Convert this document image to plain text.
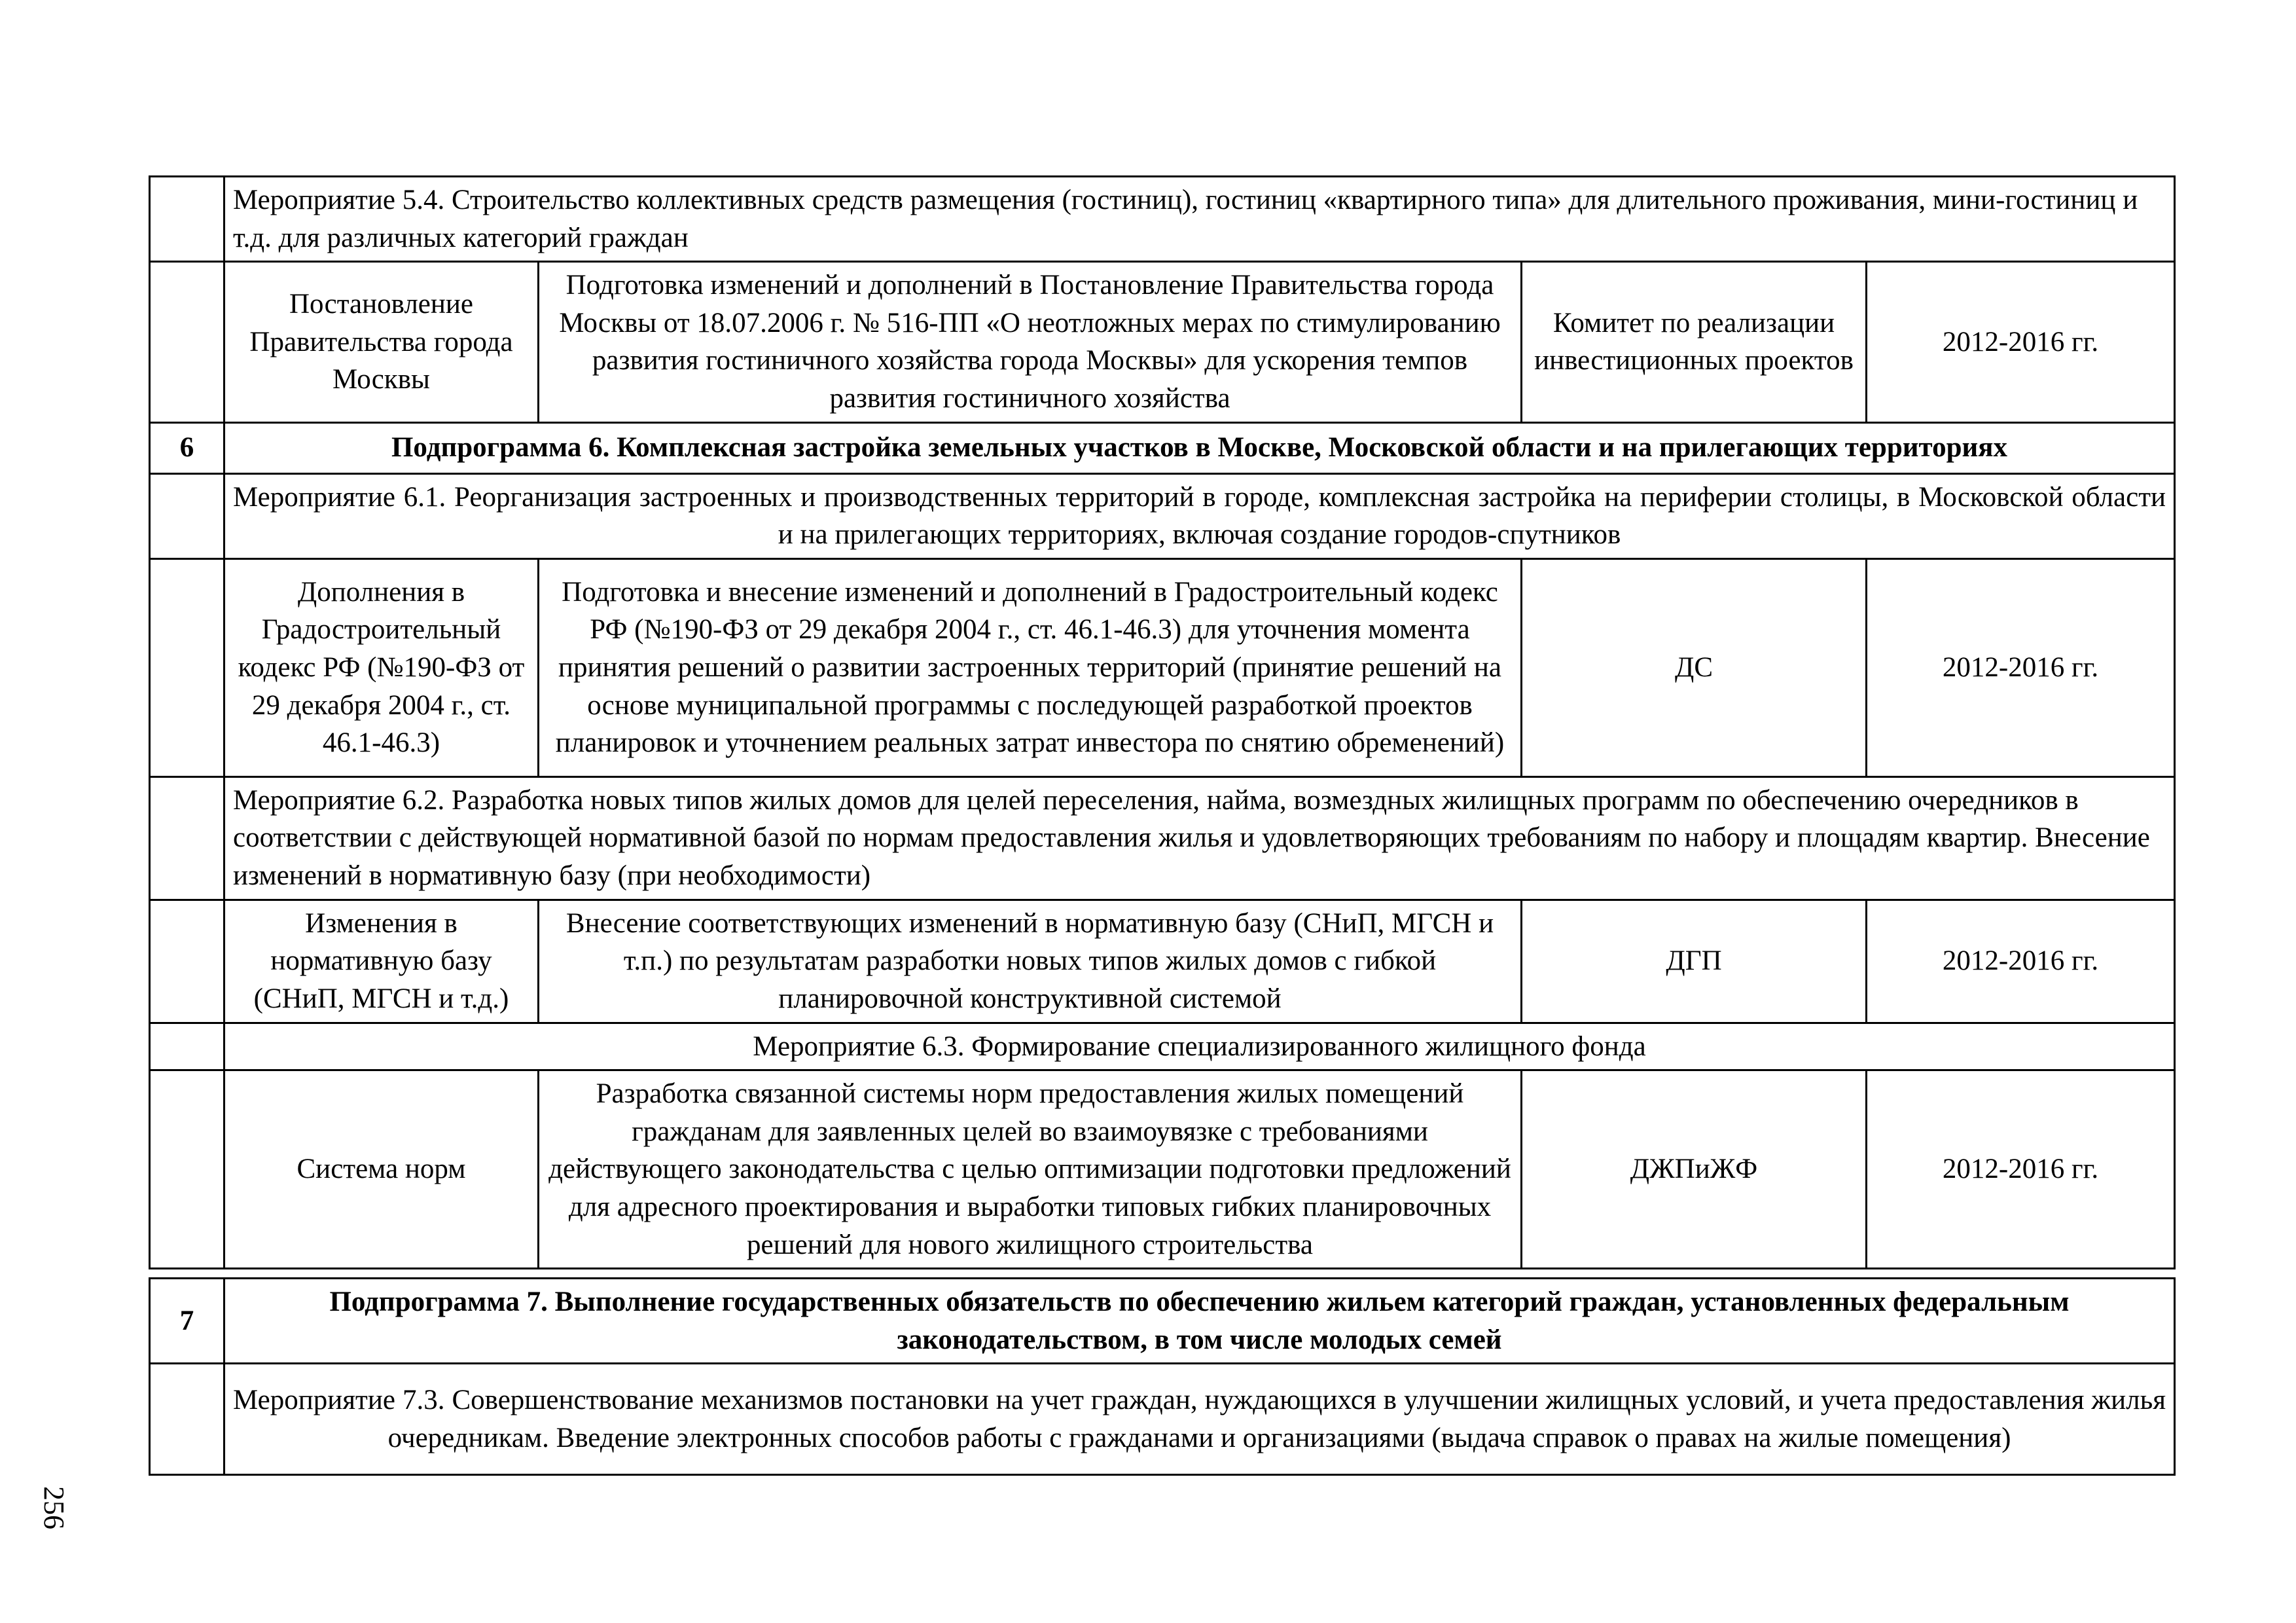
	Мероприятие 5.4. Строительство коллективных средств размещения (гостиниц), гостиниц «квартирного типа» для длительного проживания, мини-гостиниц и т.д. для различных категорий граждан			
	Постановление Правительства города Москвы	Подготовка изменений и дополнений в Постановление Правительства города Москвы от 18.07.2006 г. № 516-ПП «О неотложных мерах по стимулированию развития гостиничного хозяйства города Москвы» для ускорения темпов развития гостиничного хозяйства	Комитет по реализации инвестиционных проектов	2012-2016 гг.
6	Подпрограмма 6. Комплексная застройка земельных участков в Москве, Московской области и на прилегающих территориях			
	Мероприятие 6.1. Реорганизация застроенных и производственных территорий в городе, комплексная застройка на периферии столицы, в Московской области и на прилегающих территориях, включая создание городов-спутников			
	Дополнения в Градостроительный кодекс РФ (№190-ФЗ от 29 декабря 2004 г., ст. 46.1-46.3)	Подготовка и внесение изменений и дополнений в Градостроительный кодекс РФ (№190-ФЗ от 29 декабря 2004 г., ст. 46.1-46.3) для уточнения момента принятия решений о развитии застроенных территорий (принятие решений на основе муниципальной программы с последующей разработкой проектов планировок и уточнением реальных затрат инвестора по снятию обременений)	ДС	2012-2016 гг.
	Мероприятие 6.2. Разработка новых типов жилых домов для целей переселения, найма, возмездных жилищных программ по обеспечению очередников в соответствии с действующей нормативной базой по нормам предоставления жилья и удовлетворяющих требованиям по набору и площадям квартир. Внесение изменений в нормативную базу (при необходимости)			
	Изменения в нормативную базу (СНиП, МГСН и т.д.)	Внесение соответствующих изменений в нормативную базу (СНиП, МГСН и т.п.) по результатам разработки новых типов жилых домов с гибкой планировочной конструктивной системой	ДГП	2012-2016 гг.
	Мероприятие 6.3. Формирование специализированного жилищного фонда			
	Система норм	Разработка связанной системы норм предоставления жилых помещений гражданам для заявленных целей во взаимоувязке с требованиями действующего законодательства с целью оптимизации подготовки предложений для адресного проектирования и выработки типовых гибких планировочных решений для нового жилищного строительства	ДЖПиЖФ	2012-2016 гг.
7	Подпрограмма 7. Выполнение государственных обязательств по обеспечению жильем категорий граждан, установленных федеральным законодательством, в том числе молодых семей
	Мероприятие 7.3. Совершенствование механизмов постановки на учет граждан, нуждающихся в улучшении жилищных условий, и учета предоставления жилья очередникам. Введение электронных способов работы с гражданами и организациями (выдача справок о правах на жилые помещения)
256
